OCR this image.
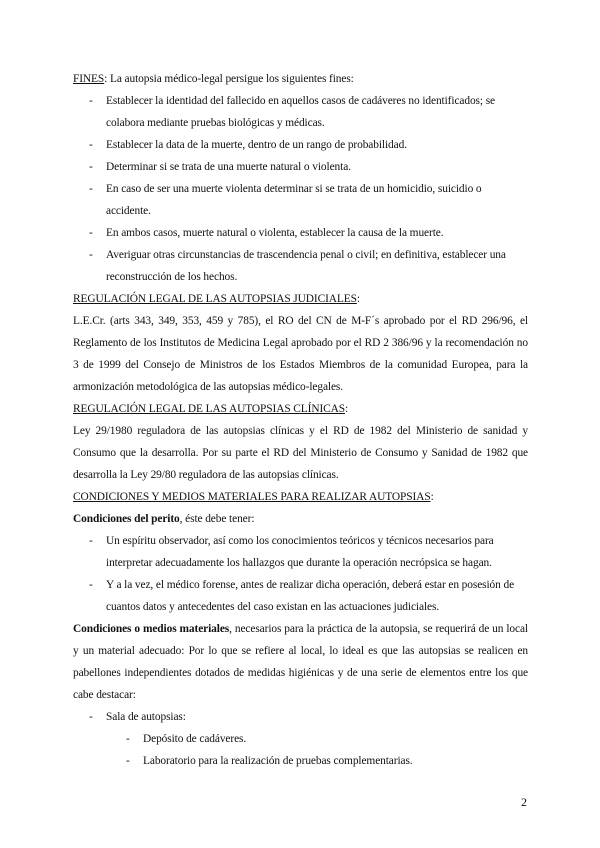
FINES: La autopsia médico-legal persigue los siguientes fines:

- Establecer la identidad del fallecido en aquellos casos de cadáveres no identificados; se colabora mediante pruebas biológicas y médicas.
- Establecer la data de la muerte, dentro de un rango de probabilidad.
- Determinar si se trata de una muerte natural o violenta.
- En caso de ser una muerte violenta determinar si se trata de un homicidio, suicidio o accidente.
- En ambos casos, muerte natural o violenta, establecer la causa de la muerte.
- Averiguar otras circunstancias de trascendencia penal o civil; en definitiva, establecer una reconstrucción de los hechos.

REGULACIÓN LEGAL DE LAS AUTOPSIAS JUDICIALES:

L.E.Cr. (arts 343, 349, 353, 459 y 785), el RO del CN de M-F´s aprobado por el RD 296/96, el Reglamento de los Institutos de Medicina Legal aprobado por el RD 2 386/96 y la recomendación no 3 de 1999 del Consejo de Ministros de los Estados Miembros de la comunidad Europea, para la armonización metodológica de las autopsias médico-legales.

REGULACIÓN LEGAL DE LAS AUTOPSIAS CLÍNICAS:

Ley 29/1980 reguladora de las autopsias clínicas y el RD de 1982 del Ministerio de sanidad y Consumo que la desarrolla. Por su parte el RD del Ministerio de Consumo y Sanidad de 1982 que desarrolla la Ley 29/80 reguladora de las autopsias clínicas.

CONDICIONES Y MEDIOS MATERIALES PARA REALIZAR AUTOPSIAS:

Condiciones del perito, éste debe tener:

- Un espíritu observador, así como los conocimientos teóricos y técnicos necesarios para interpretar adecuadamente los hallazgos que durante la operación necrópsica se hagan.
- Y a la vez, el médico forense, antes de realizar dicha operación, deberá estar en posesión de cuantos datos y antecedentes del caso existan en las actuaciones judiciales.

Condiciones o medios materiales, necesarios para la práctica de la autopsia, se requerirá de un local y un material adecuado: Por lo que se refiere al local, lo ideal es que las autopsias se realicen en pabellones independientes dotados de medidas higiénicas y de una serie de elementos entre los que cabe destacar:

- Sala de autopsias:
- Depósito de cadáveres.
- Laboratorio para la realización de pruebas complementarias.
2
